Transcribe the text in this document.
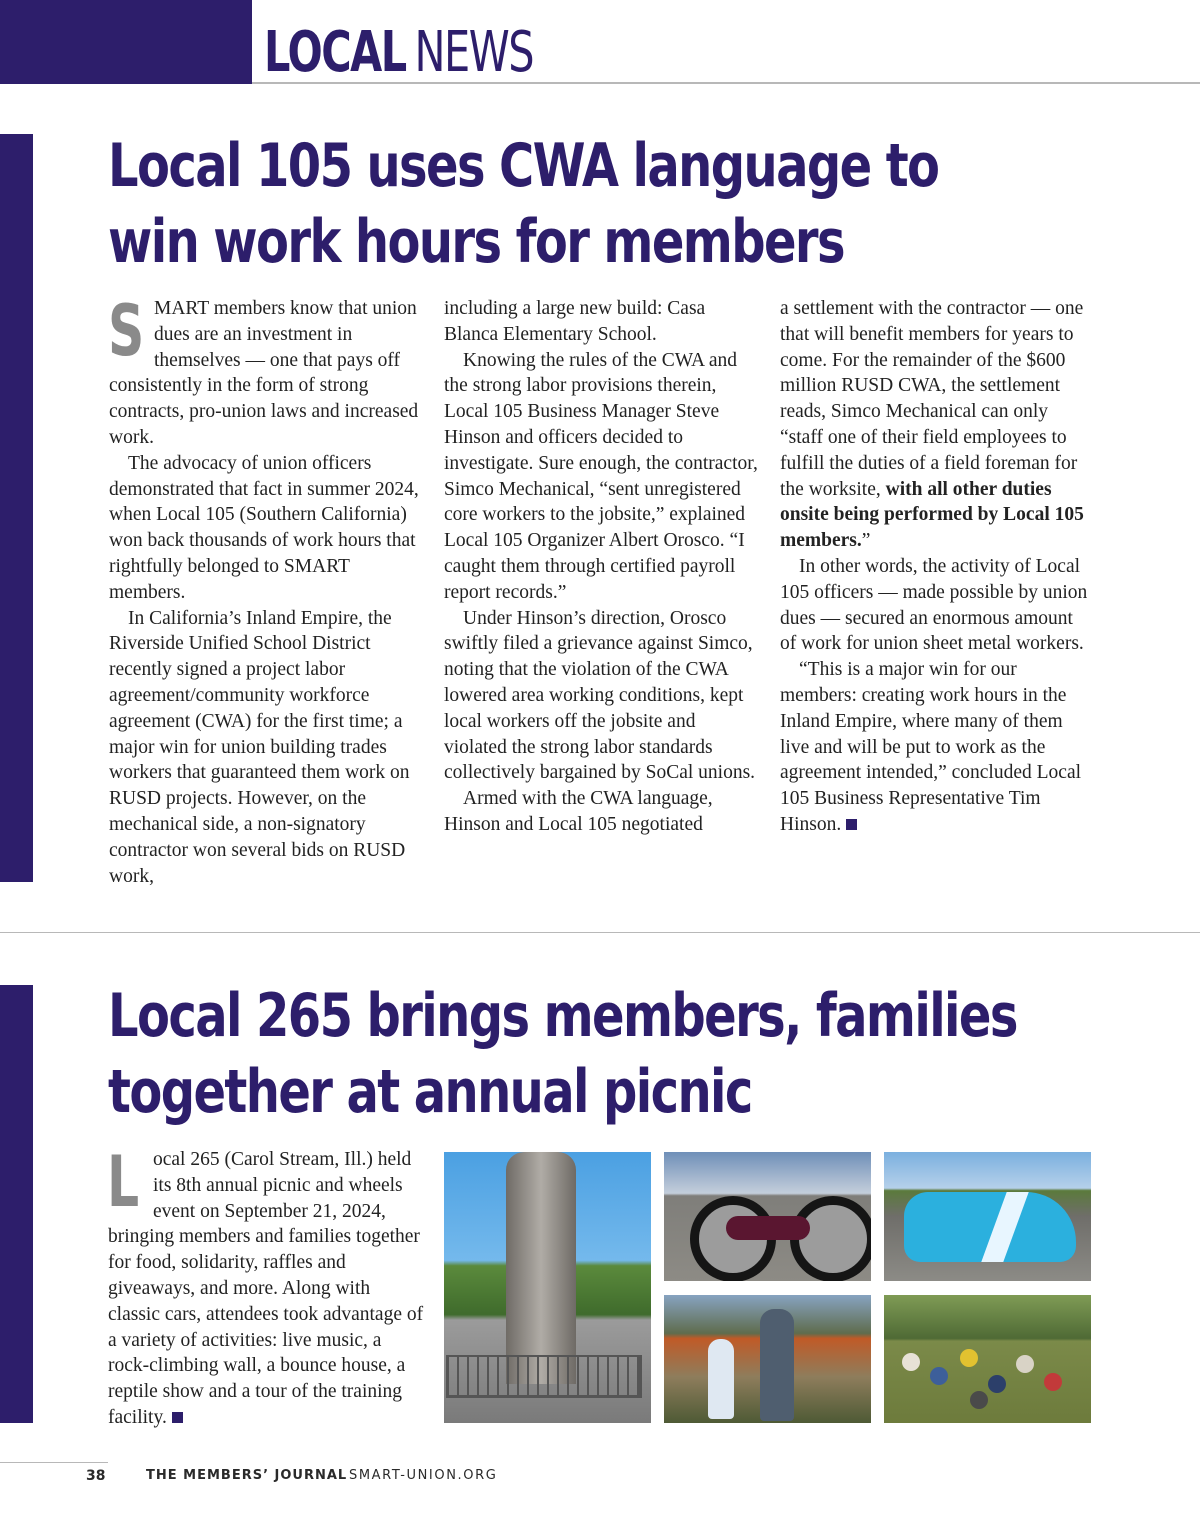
LOCAL NEWS
Local 105 uses CWA language to
win work hours for members

SMART members know that union dues are an investment in themselves — one that pays off consistently in the form of strong contracts, pro-union laws and increased work.

The advocacy of union officers demonstrated that fact in summer 2024, when Local 105 (Southern California) won back thousands of work hours that rightfully belonged to SMART members.

In California’s Inland Empire, the Riverside Unified School District recently signed a project labor agreement/community workforce agreement (CWA) for the first time; a major win for union building trades workers that guaranteed them work on RUSD projects. However, on the mechanical side, a non-signatory contractor won several bids on RUSD work,

including a large new build: Casa Blanca Elementary School.

Knowing the rules of the CWA and the strong labor provisions therein, Local 105 Business Manager Steve Hinson and officers decided to investigate. Sure enough, the contractor, Simco Mechanical, “sent unregistered core workers to the jobsite,” explained Local 105 Organizer Albert Orosco. “I caught them through certified payroll report records.”

Under Hinson’s direction, Orosco swiftly filed a grievance against Simco, noting that the violation of the CWA lowered area working conditions, kept local workers off the jobsite and violated the strong labor standards collectively bargained by SoCal unions.

Armed with the CWA language, Hinson and Local 105 negotiated

a settlement with the contractor — one that will benefit members for years to come. For the remainder of the $600 million RUSD CWA, the settlement reads, Simco Mechanical can only “staff one of their field employees to fulfill the duties of a field foreman for the worksite, with all other duties onsite being performed by Local 105 members.”

In other words, the activity of Local 105 officers — made possible by union dues — secured an enormous amount of work for union sheet metal workers.

“This is a major win for our members: creating work hours in the Inland Empire, where many of them live and will be put to work as the agreement intended,” concluded Local 105 Business Representative Tim Hinson.

Local 265 brings members, families
together at annual picnic

Local 265 (Carol Stream, Ill.) held its 8th annual picnic and wheels event on September 21, 2024, bringing members and families together for food, solidarity, raffles and giveaways, and more. Along with classic cars, attendees took advantage of a variety of activities: live music, a rock-climbing wall, a bounce house, a reptile show and a tour of the training facility.

38	THE MEMBERS’ JOURNAL SMART-UNION.ORG
